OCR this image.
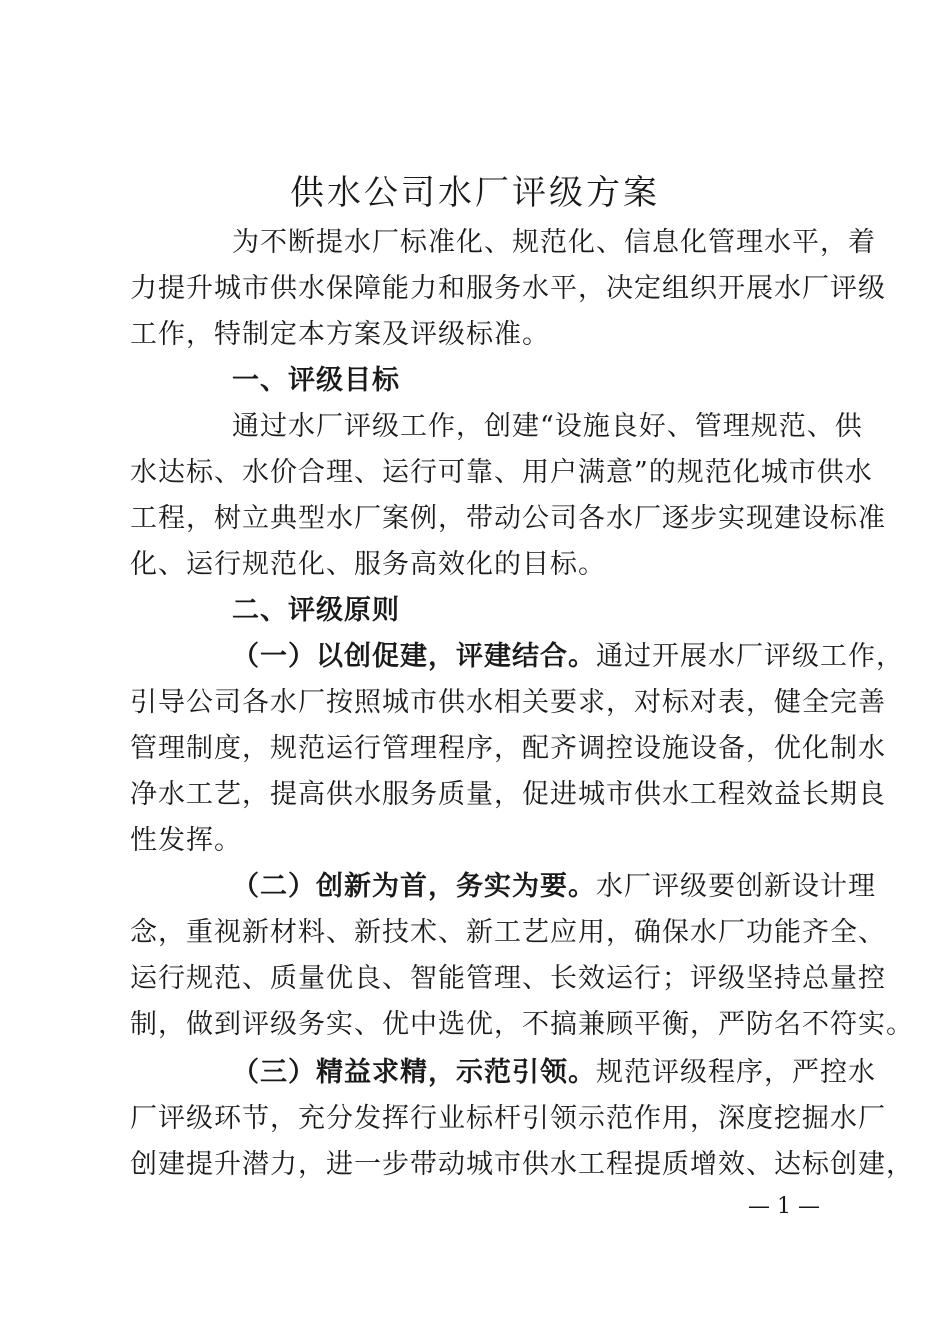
供水公司水厂评级方案
为不断提水厂标准化、规范化、信息化管理水平，着
力提升城市供水保障能力和服务水平，决定组织开展水厂评级
工作，特制定本方案及评级标准。
一、评级目标
通过水厂评级工作，创建“设施良好、管理规范、供
水达标、水价合理、运行可靠、用户满意”的规范化城市供水
工程，树立典型水厂案例，带动公司各水厂逐步实现建设标准
化、运行规范化、服务高效化的目标。
二、评级原则
（一）以创促建，评建结合。通过开展水厂评级工作，
引导公司各水厂按照城市供水相关要求，对标对表，健全完善
管理制度，规范运行管理程序，配齐调控设施设备，优化制水
净水工艺，提高供水服务质量，促进城市供水工程效益长期良
性发挥。
（二）创新为首，务实为要。水厂评级要创新设计理
念，重视新材料、新技术、新工艺应用，确保水厂功能齐全、
运行规范、质量优良、智能管理、长效运行；评级坚持总量控
制，做到评级务实、优中选优，不搞兼顾平衡，严防名不符实。
（三）精益求精，示范引领。规范评级程序，严控水
厂评级环节，充分发挥行业标杆引领示范作用，深度挖掘水厂
创建提升潜力，进一步带动城市供水工程提质增效、达标创建，
— 1 —
